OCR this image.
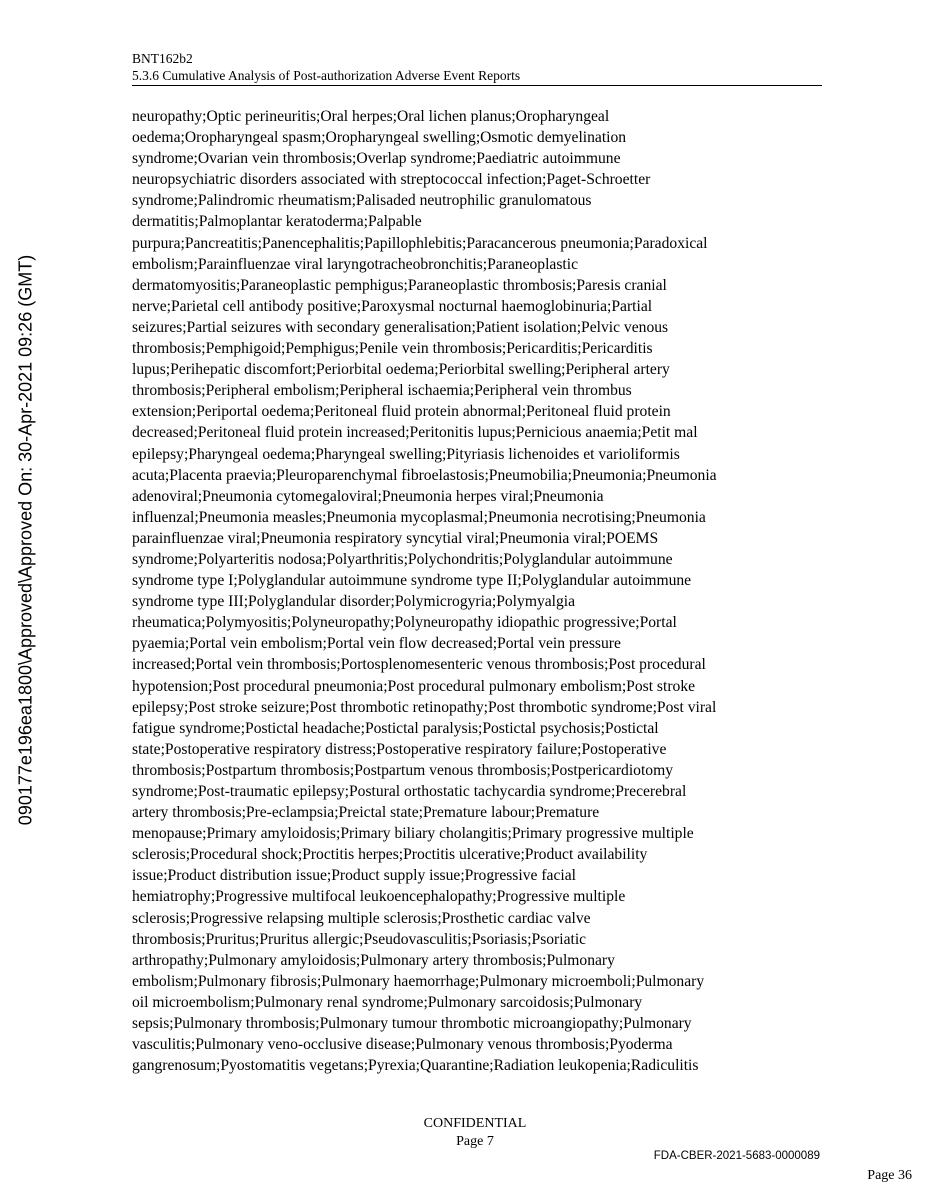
BNT162b2
5.3.6 Cumulative Analysis of Post-authorization Adverse Event Reports
090177e196ea1800\Approved\Approved On: 30-Apr-2021 09:26 (GMT)
neuropathy;Optic perineuritis;Oral herpes;Oral lichen planus;Oropharyngeal
oedema;Oropharyngeal spasm;Oropharyngeal swelling;Osmotic demyelination
syndrome;Ovarian vein thrombosis;Overlap syndrome;Paediatric autoimmune
neuropsychiatric disorders associated with streptococcal infection;Paget-Schroetter
syndrome;Palindromic rheumatism;Palisaded neutrophilic granulomatous
dermatitis;Palmoplantar keratoderma;Palpable
purpura;Pancreatitis;Panencephalitis;Papillophlebitis;Paracancerous pneumonia;Paradoxical
embolism;Parainfluenzae viral laryngotracheobronchitis;Paraneoplastic
dermatomyositis;Paraneoplastic pemphigus;Paraneoplastic thrombosis;Paresis cranial
nerve;Parietal cell antibody positive;Paroxysmal nocturnal haemoglobinuria;Partial
seizures;Partial seizures with secondary generalisation;Patient isolation;Pelvic venous
thrombosis;Pemphigoid;Pemphigus;Penile vein thrombosis;Pericarditis;Pericarditis
lupus;Perihepatic discomfort;Periorbital oedema;Periorbital swelling;Peripheral artery
thrombosis;Peripheral embolism;Peripheral ischaemia;Peripheral vein thrombus
extension;Periportal oedema;Peritoneal fluid protein abnormal;Peritoneal fluid protein
decreased;Peritoneal fluid protein increased;Peritonitis lupus;Pernicious anaemia;Petit mal
epilepsy;Pharyngeal oedema;Pharyngeal swelling;Pityriasis lichenoides et varioliformis
acuta;Placenta praevia;Pleuroparenchymal fibroelastosis;Pneumobilia;Pneumonia;Pneumonia
adenoviral;Pneumonia cytomegaloviral;Pneumonia herpes viral;Pneumonia
influenzal;Pneumonia measles;Pneumonia mycoplasmal;Pneumonia necrotising;Pneumonia
parainfluenzae viral;Pneumonia respiratory syncytial viral;Pneumonia viral;POEMS
syndrome;Polyarteritis nodosa;Polyarthritis;Polychondritis;Polyglandular autoimmune
syndrome type I;Polyglandular autoimmune syndrome type II;Polyglandular autoimmune
syndrome type III;Polyglandular disorder;Polymicrogyria;Polymyalgia
rheumatica;Polymyositis;Polyneuropathy;Polyneuropathy idiopathic progressive;Portal
pyaemia;Portal vein embolism;Portal vein flow decreased;Portal vein pressure
increased;Portal vein thrombosis;Portosplenomesenteric venous thrombosis;Post procedural
hypotension;Post procedural pneumonia;Post procedural pulmonary embolism;Post stroke
epilepsy;Post stroke seizure;Post thrombotic retinopathy;Post thrombotic syndrome;Post viral
fatigue syndrome;Postictal headache;Postictal paralysis;Postictal psychosis;Postictal
state;Postoperative respiratory distress;Postoperative respiratory failure;Postoperative
thrombosis;Postpartum thrombosis;Postpartum venous thrombosis;Postpericardiotomy
syndrome;Post-traumatic epilepsy;Postural orthostatic tachycardia syndrome;Precerebral
artery thrombosis;Pre-eclampsia;Preictal state;Premature labour;Premature
menopause;Primary amyloidosis;Primary biliary cholangitis;Primary progressive multiple
sclerosis;Procedural shock;Proctitis herpes;Proctitis ulcerative;Product availability
issue;Product distribution issue;Product supply issue;Progressive facial
hemiatrophy;Progressive multifocal leukoencephalopathy;Progressive multiple
sclerosis;Progressive relapsing multiple sclerosis;Prosthetic cardiac valve
thrombosis;Pruritus;Pruritus allergic;Pseudovasculitis;Psoriasis;Psoriatic
arthropathy;Pulmonary amyloidosis;Pulmonary artery thrombosis;Pulmonary
embolism;Pulmonary fibrosis;Pulmonary haemorrhage;Pulmonary microemboli;Pulmonary
oil microembolism;Pulmonary renal syndrome;Pulmonary sarcoidosis;Pulmonary
sepsis;Pulmonary thrombosis;Pulmonary tumour thrombotic microangiopathy;Pulmonary
vasculitis;Pulmonary veno-occlusive disease;Pulmonary venous thrombosis;Pyoderma
gangrenosum;Pyostomatitis vegetans;Pyrexia;Quarantine;Radiation leukopenia;Radiculitis
CONFIDENTIAL
Page 7
FDA-CBER-2021-5683-0000089
Page 36
